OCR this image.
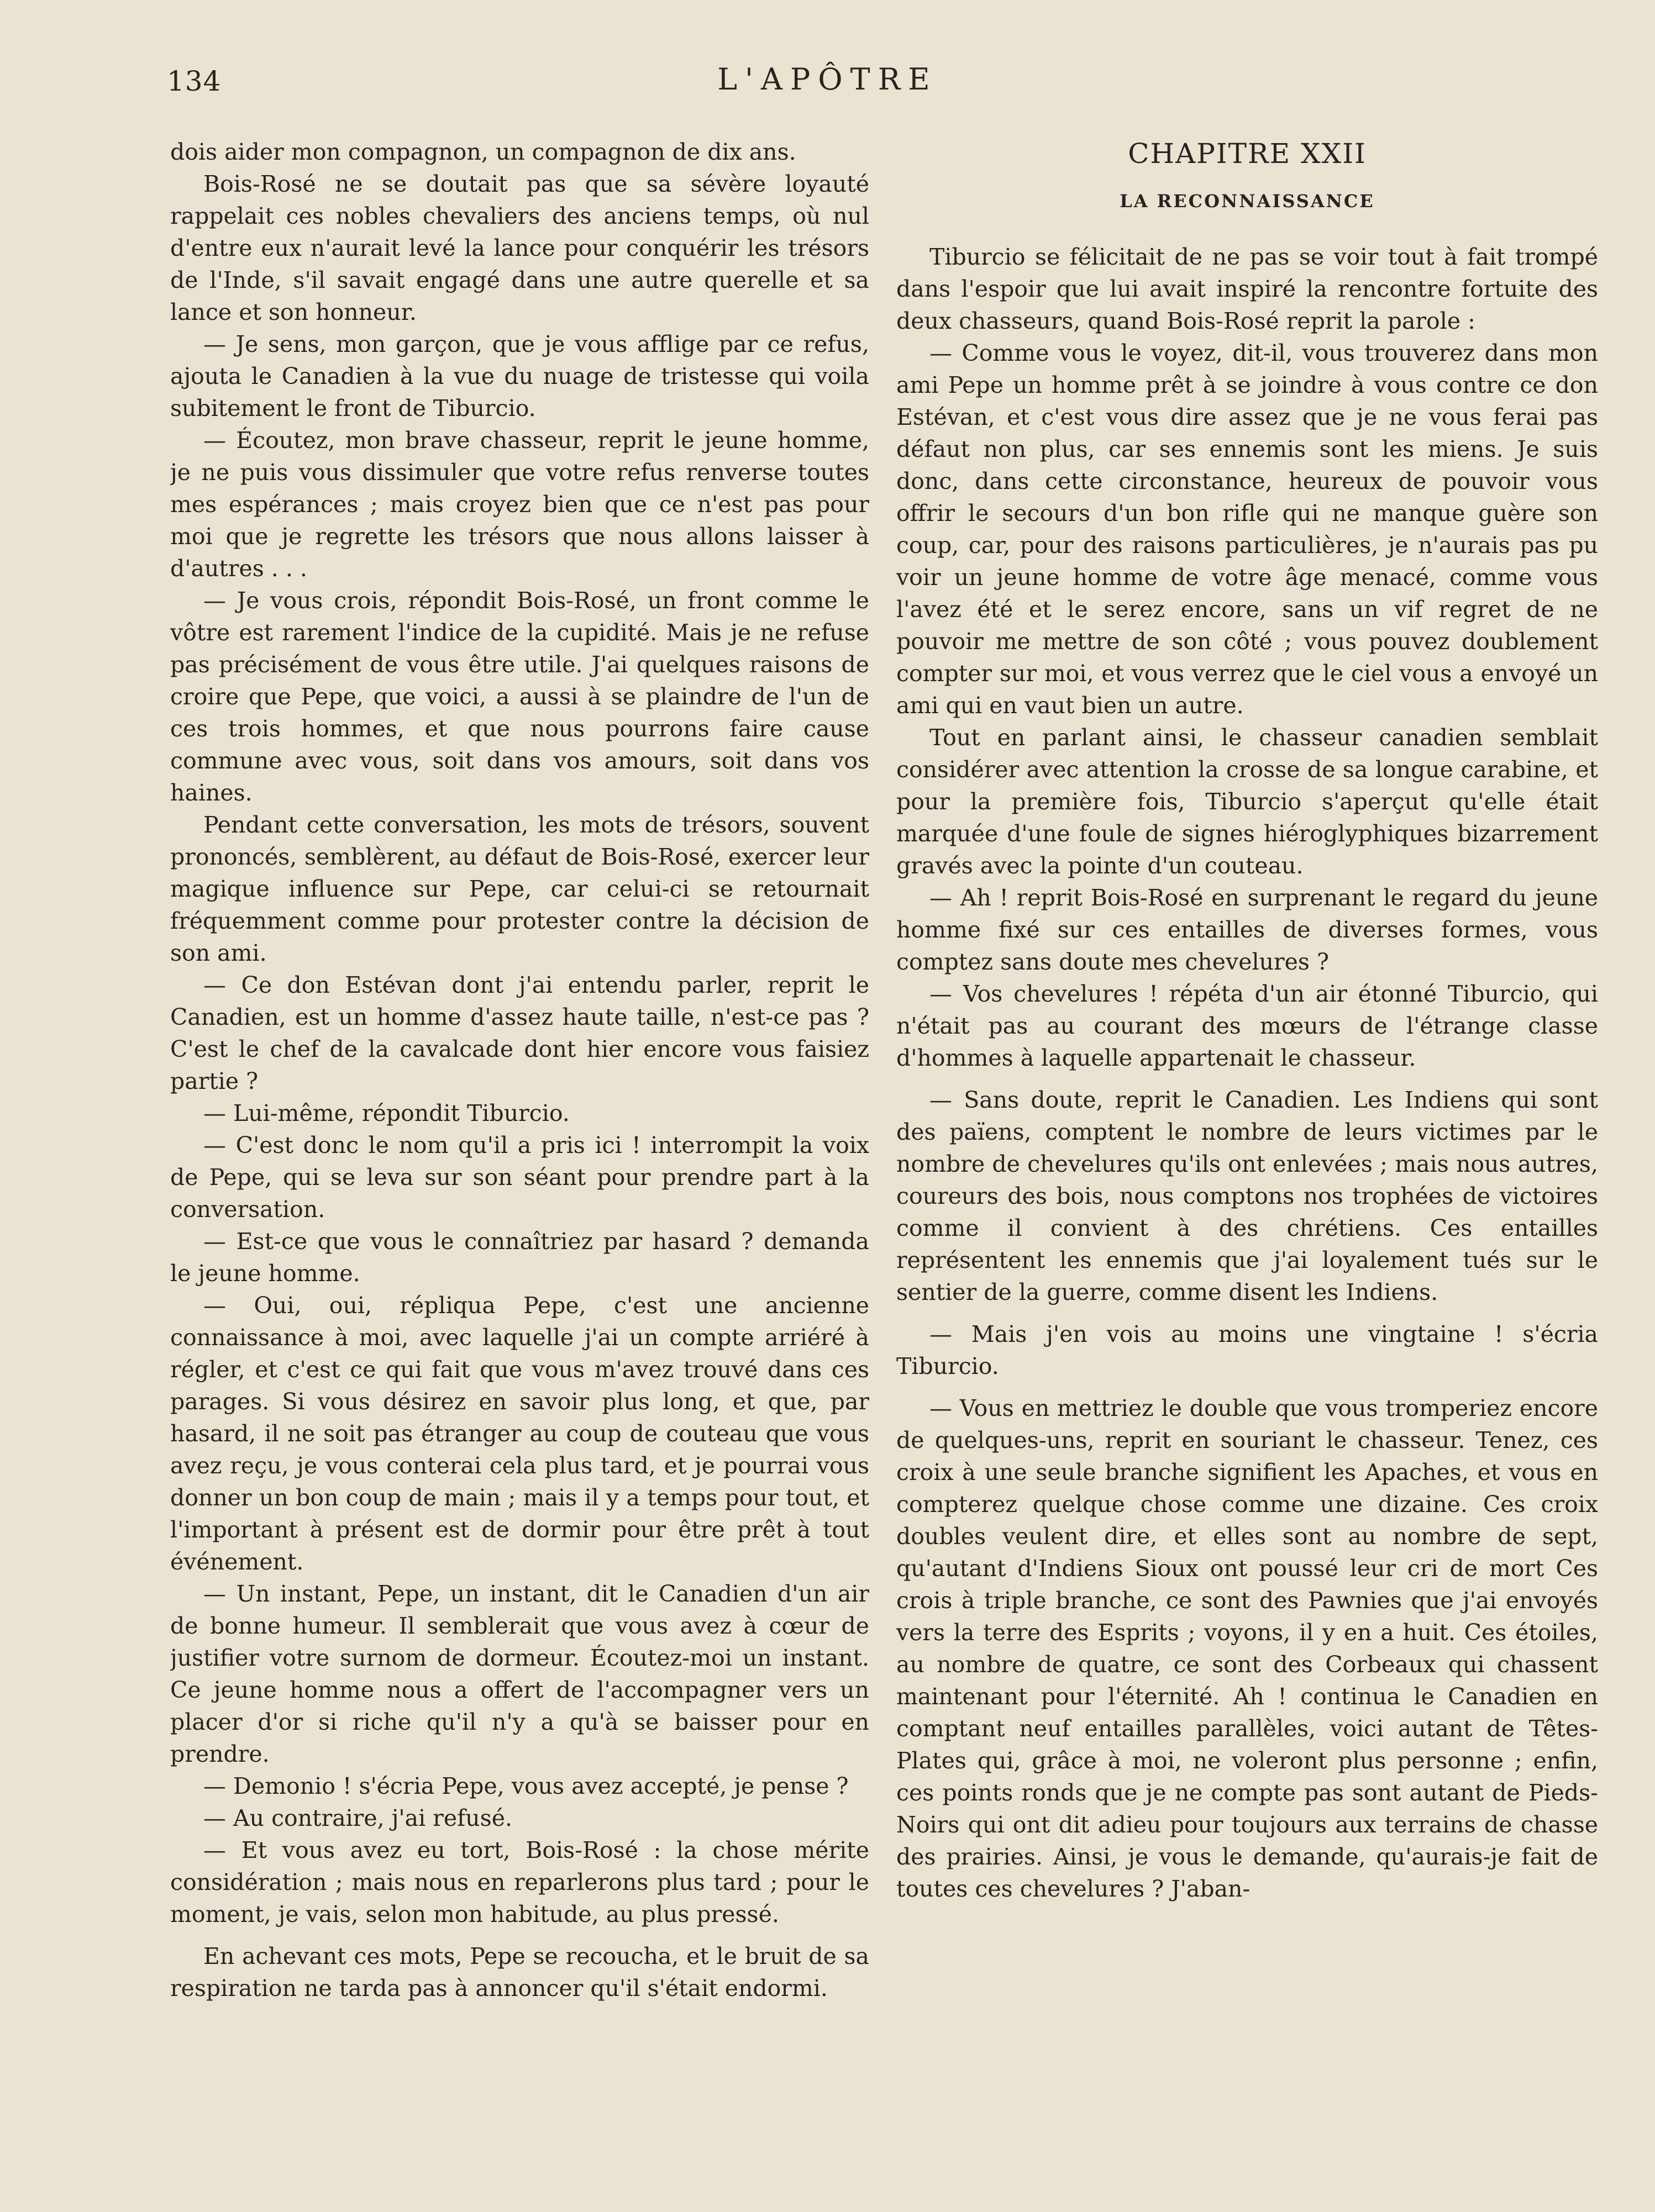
134	L'APÔTRE

dois aider mon compagnon, un compagnon de dix ans.

Bois-Rosé ne se doutait pas que sa sévère loyauté rappelait ces nobles chevaliers des anciens temps, où nul d'entre eux n'aurait levé la lance pour conquérir les trésors de l'Inde, s'il savait engagé dans une autre querelle et sa lance et son honneur.

— Je sens, mon garçon, que je vous afflige par ce refus, ajouta le Canadien à la vue du nuage de tristesse qui voila subitement le front de Tiburcio.

— Écoutez, mon brave chasseur, reprit le jeune homme, je ne puis vous dissimuler que votre refus renverse toutes mes espérances ; mais croyez bien que ce n'est pas pour moi que je regrette les trésors que nous allons laisser à d'autres . . .

— Je vous crois, répondit Bois-Rosé, un front comme le vôtre est rarement l'indice de la cupidité. Mais je ne refuse pas précisément de vous être utile. J'ai quelques raisons de croire que Pepe, que voici, a aussi à se plaindre de l'un de ces trois hommes, et que nous pourrons faire cause commune avec vous, soit dans vos amours, soit dans vos haines.

Pendant cette conversation, les mots de trésors, souvent prononcés, semblèrent, au défaut de Bois-Rosé, exercer leur magique influence sur Pepe, car celui-ci se retournait fréquemment comme pour protester contre la décision de son ami.

— Ce don Estévan dont j'ai entendu parler, reprit le Canadien, est un homme d'assez haute taille, n'est-ce pas ? C'est le chef de la cavalcade dont hier encore vous faisiez partie ?

— Lui-même, répondit Tiburcio.

— C'est donc le nom qu'il a pris ici ! interrompit la voix de Pepe, qui se leva sur son séant pour prendre part à la conversation.

— Est-ce que vous le connaîtriez par hasard ? demanda le jeune homme.

— Oui, oui, répliqua Pepe, c'est une ancienne connaissance à moi, avec laquelle j'ai un compte arriéré à régler, et c'est ce qui fait que vous m'avez trouvé dans ces parages. Si vous désirez en savoir plus long, et que, par hasard, il ne soit pas étranger au coup de couteau que vous avez reçu, je vous conterai cela plus tard, et je pourrai vous donner un bon coup de main ; mais il y a temps pour tout, et l'important à présent est de dormir pour être prêt à tout événement.

— Un instant, Pepe, un instant, dit le Canadien d'un air de bonne humeur. Il semblerait que vous avez à cœur de justifier votre surnom de dormeur. Écoutez-moi un instant. Ce jeune homme nous a offert de l'accompagner vers un placer d'or si riche qu'il n'y a qu'à se baisser pour en prendre.

— Demonio ! s'écria Pepe, vous avez accepté, je pense ?

— Au contraire, j'ai refusé.

— Et vous avez eu tort, Bois-Rosé : la chose mérite considération ; mais nous en reparlerons plus tard ; pour le moment, je vais, selon mon habitude, au plus pressé.

En achevant ces mots, Pepe se recoucha, et le bruit de sa respiration ne tarda pas à annoncer qu'il s'était endormi.

CHAPITRE XXII
LA RECONNAISSANCE

Tiburcio se félicitait de ne pas se voir tout à fait trompé dans l'espoir que lui avait inspiré la rencontre fortuite des deux chasseurs, quand Bois-Rosé reprit la parole :

— Comme vous le voyez, dit-il, vous trouverez dans mon ami Pepe un homme prêt à se joindre à vous contre ce don Estévan, et c'est vous dire assez que je ne vous ferai pas défaut non plus, car ses ennemis sont les miens. Je suis donc, dans cette circonstance, heureux de pouvoir vous offrir le secours d'un bon rifle qui ne manque guère son coup, car, pour des raisons particulières, je n'aurais pas pu voir un jeune homme de votre âge menacé, comme vous l'avez été et le serez encore, sans un vif regret de ne pouvoir me mettre de son côté ; vous pouvez doublement compter sur moi, et vous verrez que le ciel vous a envoyé un ami qui en vaut bien un autre.

Tout en parlant ainsi, le chasseur canadien semblait considérer avec attention la crosse de sa longue carabine, et pour la première fois, Tiburcio s'aperçut qu'elle était marquée d'une foule de signes hiéroglyphiques bizarrement gravés avec la pointe d'un couteau.

— Ah ! reprit Bois-Rosé en surprenant le regard du jeune homme fixé sur ces entailles de diverses formes, vous comptez sans doute mes chevelures ?

— Vos chevelures ! répéta d'un air étonné Tiburcio, qui n'était pas au courant des mœurs de l'étrange classe d'hommes à laquelle appartenait le chasseur.

— Sans doute, reprit le Canadien. Les Indiens qui sont des païens, comptent le nombre de leurs victimes par le nombre de chevelures qu'ils ont enlevées ; mais nous autres, coureurs des bois, nous comptons nos trophées de victoires comme il convient à des chrétiens. Ces entailles représentent les ennemis que j'ai loyalement tués sur le sentier de la guerre, comme disent les Indiens.

— Mais j'en vois au moins une vingtaine ! s'écria Tiburcio.

— Vous en mettriez le double que vous tromperiez encore de quelques-uns, reprit en souriant le chasseur. Tenez, ces croix à une seule branche signifient les Apaches, et vous en compterez quelque chose comme une dizaine. Ces croix doubles veulent dire, et elles sont au nombre de sept, qu'autant d'Indiens Sioux ont poussé leur cri de mort Ces crois à triple branche, ce sont des Pawnies que j'ai envoyés vers la terre des Esprits ; voyons, il y en a huit. Ces étoiles, au nombre de quatre, ce sont des Corbeaux qui chassent maintenant pour l'éternité. Ah ! continua le Canadien en comptant neuf entailles parallèles, voici autant de Têtes-Plates qui, grâce à moi, ne voleront plus personne ; enfin, ces points ronds que je ne compte pas sont autant de Pieds-Noirs qui ont dit adieu pour toujours aux terrains de chasse des prairies. Ainsi, je vous le demande, qu'aurais-je fait de toutes ces chevelures ? J'aban-
